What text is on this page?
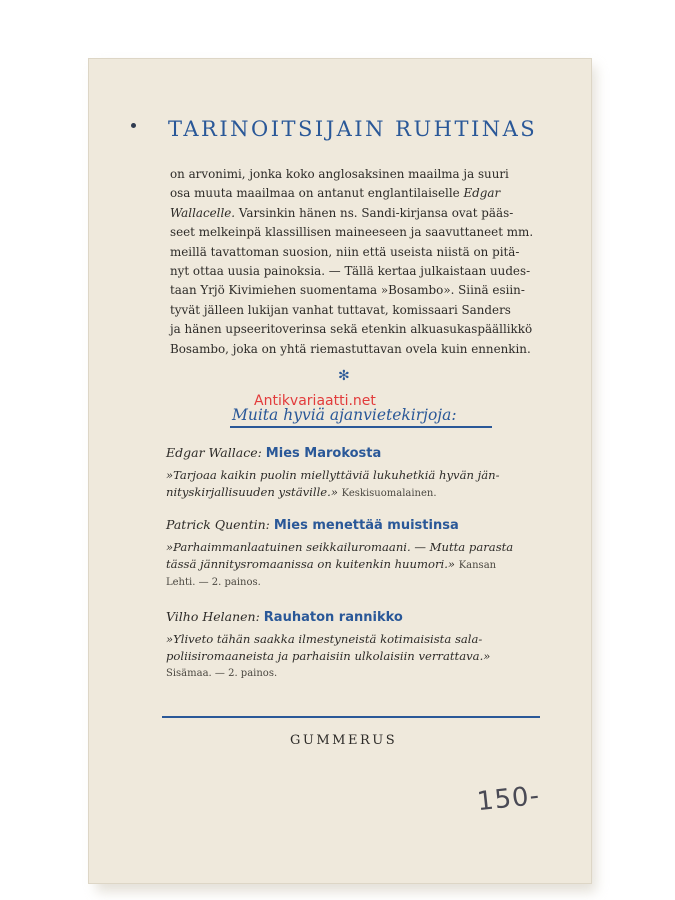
TARINOITSIJAIN RUHTINAS
on arvonimi, jonka koko anglosaksinen maailma ja suuri
osa muuta maailmaa on antanut englantilaiselle Edgar
Wallacelle. Varsinkin hänen ns. Sandi-kirjansa ovat pääs-
seet melkeinpä klassillisen maineeseen ja saavuttaneet mm.
meillä tavattoman suosion, niin että useista niistä on pitä-
nyt ottaa uusia painoksia. — Tällä kertaa julkaistaan uudes-
taan Yrjö Kivimiehen suomentama »Bosambo». Siinä esiin-
tyvät jälleen lukijan vanhat tuttavat, komissaari Sanders
ja hänen upseeritoverinsa sekä etenkin alkuasukaspäällikkö
Bosambo, joka on yhtä riemastuttavan ovela kuin ennenkin.
✻
Antikvariaatti.net
Muita hyviä ajanvietekirjoja:
Edgar Wallace: Mies Marokosta
»Tarjoaa kaikin puolin miellyttäviä lukuhetkiä hyvän jän-
nityskirjallisuuden ystäville.» Keskisuomalainen.
Patrick Quentin: Mies menettää muistinsa
»Parhaimmanlaatuinen seikkailuromaani. — Mutta parasta
tässä jännitysromaanissa on kuitenkin huumori.» Kansan
Lehti. — 2. painos.
Vilho Helanen: Rauhaton rannikko
»Yliveto tähän saakka ilmestyneistä kotimaisista sala-
poliisiromaaneista ja parhaisiin ulkolaisiin verrattava.»
Sisämaa. — 2. painos.
GUMMERUS
150-
